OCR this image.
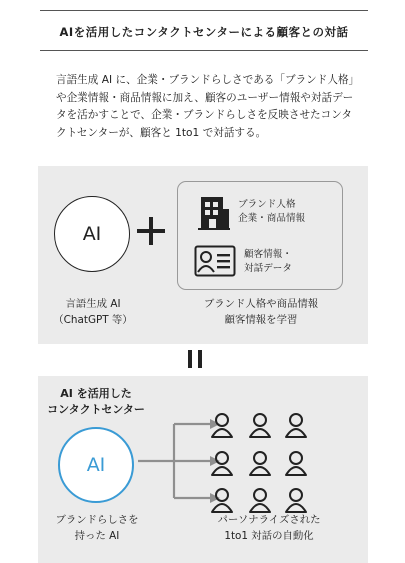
AIを活用したコンタクトセンターによる顧客との対話

言語生成 AI に、企業・ブランドらしさである「ブランド人格」や企業情報・商品情報に加え、顧客のユーザー情報や対話データを活かすことで、企業・ブランドらしさを反映させたコンタクトセンターが、顧客と 1to1 で対話する。

AI
ブランド人格
企業・商品情報
顧客情報・
対話データ
言語生成 AI
（ChatGPT 等）
ブランド人格や商品情報
顧客情報を学習
AI を活用した
コンタクトセンター
AI
ブランドらしさを
持った AI
パーソナライズされた
1to1 対話の自動化
